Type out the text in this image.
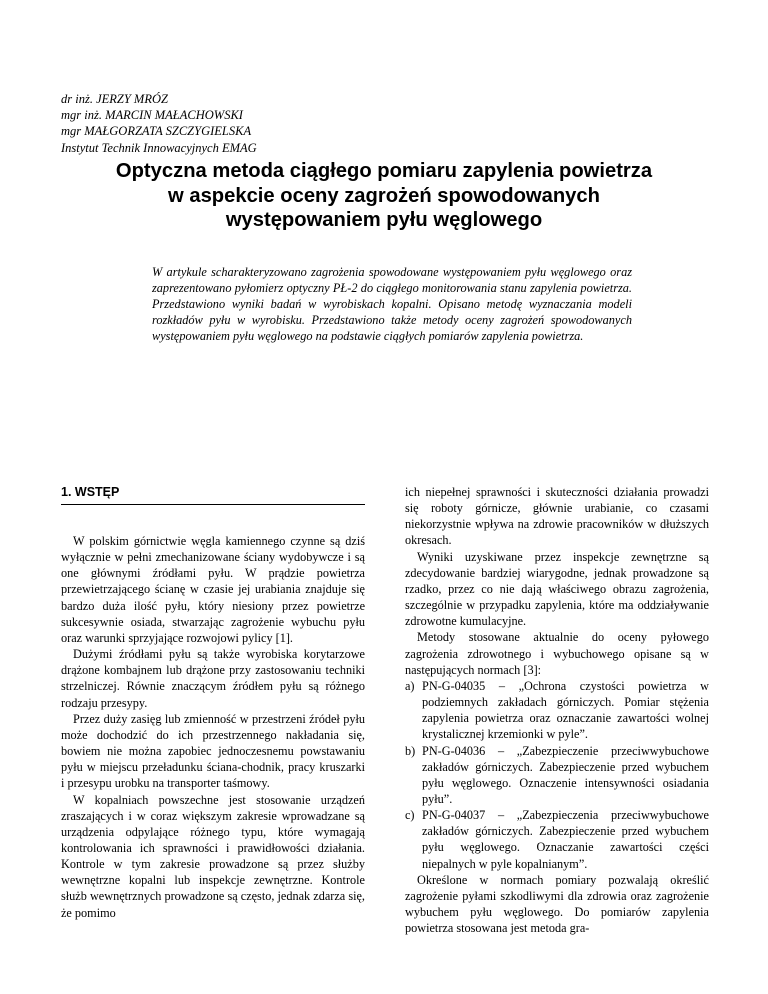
dr inż. JERZY MRÓZ
mgr inż. MARCIN MAŁACHOWSKI
mgr MAŁGORZATA SZCZYGIELSKA
Instytut Technik Innowacyjnych EMAG
Optyczna metoda ciągłego pomiaru zapylenia powietrza
w aspekcie oceny zagrożeń spowodowanych
występowaniem pyłu węglowego
W artykule scharakteryzowano zagrożenia spowodowane występowaniem pyłu węglowego oraz zaprezentowano pyłomierz optyczny PŁ-2 do ciągłego monitorowania stanu zapylenia powietrza. Przedstawiono wyniki badań w wyrobiskach kopalni. Opisano metodę wyznaczania modeli rozkładów pyłu w wyrobisku. Przedstawiono także metody oceny zagrożeń spowodowanych występowaniem pyłu węglowego na podstawie ciągłych pomiarów zapylenia powietrza.
1. WSTĘP

W polskim górnictwie węgla kamiennego czynne są dziś wyłącznie w pełni zmechanizowane ściany wydobywcze i są one głównymi źródłami pyłu. W prądzie powietrza przewietrzającego ścianę w czasie jej urabiania znajduje się bardzo duża ilość pyłu, który niesiony przez powietrze sukcesywnie osiada, stwarzając zagrożenie wybuchu pyłu oraz warunki sprzyjające rozwojowi pylicy [1].

Dużymi źródłami pyłu są także wyrobiska korytarzowe drążone kombajnem lub drążone przy zastosowaniu techniki strzelniczej. Równie znaczącym źródłem pyłu są różnego rodzaju przesypy.

Przez duży zasięg lub zmienność w przestrzeni źródeł pyłu może dochodzić do ich przestrzennego nakładania się, bowiem nie można zapobiec jednoczesnemu powstawaniu pyłu w miejscu przeładunku ściana-chodnik, pracy kruszarki i przesypu urobku na transporter taśmowy.

W kopalniach powszechne jest stosowanie urządzeń zraszających i w coraz większym zakresie wprowadzane są urządzenia odpylające różnego typu, które wymagają kontrolowania ich sprawności i prawidłowości działania. Kontrole w tym zakresie prowadzone są przez służby wewnętrzne kopalni lub inspekcje zewnętrzne. Kontrole służb wewnętrznych prowadzone są często, jednak zdarza się, że pomimo

ich niepełnej sprawności i skuteczności działania prowadzi się roboty górnicze, głównie urabianie, co czasami niekorzystnie wpływa na zdrowie pracowników w dłuższych okresach.

Wyniki uzyskiwane przez inspekcje zewnętrzne są zdecydowanie bardziej wiarygodne, jednak prowadzone są rzadko, przez co nie dają właściwego obrazu zagrożenia, szczególnie w przypadku zapylenia, które ma oddziaływanie zdrowotne kumulacyjne.

Metody stosowane aktualnie do oceny pyłowego zagrożenia zdrowotnego i wybuchowego opisane są w następujących normach [3]:

a) PN-G-04035 – „Ochrona czystości powietrza w podziemnych zakładach górniczych. Pomiar stężenia zapylenia powietrza oraz oznaczanie zawartości wolnej krystalicznej krzemionki w pyle”.
b) PN-G-04036 – „Zabezpieczenie przeciwwybuchowe zakładów górniczych. Zabezpieczenie przed wybuchem pyłu węglowego. Oznaczenie intensywności osiadania pyłu”.
c) PN-G-04037 – „Zabezpieczenia przeciwwybuchowe zakładów górniczych. Zabezpieczenie przed wybuchem pyłu węglowego. Oznaczanie zawartości części niepalnych w pyle kopalnianym”.

Określone w normach pomiary pozwalają określić zagrożenie pyłami szkodliwymi dla zdrowia oraz zagrożenie wybuchem pyłu węglowego. Do pomiarów zapylenia powietrza stosowana jest metoda gra-
